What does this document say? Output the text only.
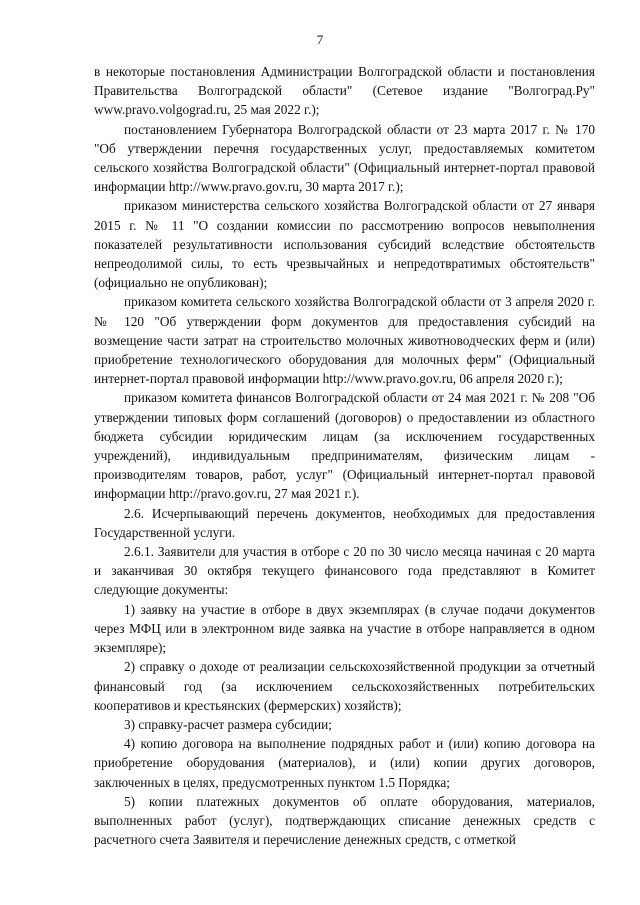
7

в некоторые постановления Администрации Волгоградской области и постановления Правительства Волгоградской области" (Сетевое издание "Волгоград.Ру" www.pravo.volgograd.ru, 25 мая 2022 г.);

постановлением Губернатора Волгоградской области от 23 марта 2017 г. № 170 "Об утверждении перечня государственных услуг, предоставляемых комитетом сельского хозяйства Волгоградской области" (Официальный интернет-портал правовой информации http://www.pravo.gov.ru, 30 марта 2017 г.);

приказом министерства сельского хозяйства Волгоградской области от 27 января 2015 г. № 11 "О создании комиссии по рассмотрению вопросов невыполнения показателей результативности использования субсидий вследствие обстоятельств непреодолимой силы, то есть чрезвычайных и непредотвратимых обстоятельств" (официально не опубликован);

приказом комитета сельского хозяйства Волгоградской области от 3 апреля 2020 г. № 120 "Об утверждении форм документов для предоставления субсидий на возмещение части затрат на строительство молочных животноводческих ферм и (или) приобретение технологического оборудования для молочных ферм" (Официальный интернет-портал правовой информации http://www.pravo.gov.ru, 06 апреля 2020 г.);

приказом комитета финансов Волгоградской области от 24 мая 2021 г. № 208 "Об утверждении типовых форм соглашений (договоров) о предоставлении из областного бюджета субсидии юридическим лицам (за исключением государственных учреждений), индивидуальным предпринимателям, физическим лицам - производителям товаров, работ, услуг" (Официальный интернет-портал правовой информации http://pravo.gov.ru, 27 мая 2021 г.).

2.6. Исчерпывающий перечень документов, необходимых для предоставления Государственной услуги.

2.6.1. Заявители для участия в отборе с 20 по 30 число месяца начиная с 20 марта и заканчивая 30 октября текущего финансового года представляют в Комитет следующие документы:

1) заявку на участие в отборе в двух экземплярах (в случае подачи документов через МФЦ или в электронном виде заявка на участие в отборе направляется в одном экземпляре);

2) справку о доходе от реализации сельскохозяйственной продукции за отчетный финансовый год (за исключением сельскохозяйственных потребительских кооперативов и крестьянских (фермерских) хозяйств);

3) справку-расчет размера субсидии;

4) копию договора на выполнение подрядных работ и (или) копию договора на приобретение оборудования (материалов), и (или) копии других договоров, заключенных в целях, предусмотренных пунктом 1.5 Порядка;

5) копии платежных документов об оплате оборудования, материалов, выполненных работ (услуг), подтверждающих списание денежных средств с расчетного счета Заявителя и перечисление денежных средств, с отметкой
